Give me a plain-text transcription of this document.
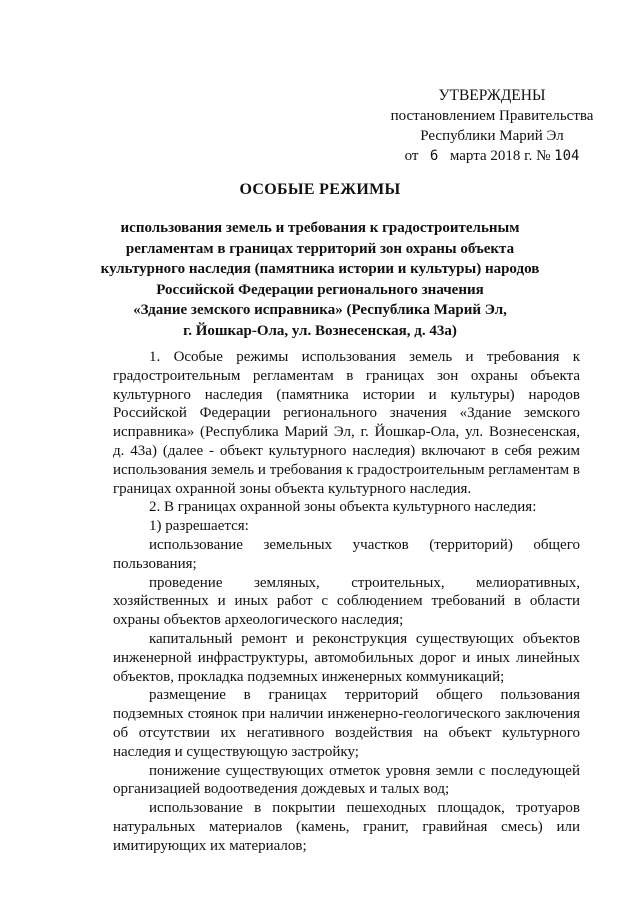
УТВЕРЖДЕНЫ
постановлением Правительства
Республики Марий Эл
от 6 марта 2018 г. № 104
ОСОБЫЕ РЕЖИМЫ
использования земель и требования к градостроительным
регламентам в границах территорий зон охраны объекта
культурного наследия (памятника истории и культуры) народов
Российской Федерации регионального значения
«Здание земского исправника» (Республика Марий Эл,
г. Йошкар-Ола, ул. Вознесенская, д. 43а)

1. Особые режимы использования земель и требования к градостроительным регламентам в границах зон охраны объекта культурного наследия (памятника истории и культуры) народов Российской Федерации регионального значения «Здание земского исправника» (Республика Марий Эл, г. Йошкар-Ола, ул. Вознесенская, д. 43а) (далее - объект культурного наследия) включают в себя режим использования земель и требования к градостроительным регламентам в границах охранной зоны объекта культурного наследия.

2. В границах охранной зоны объекта культурного наследия:

1) разрешается:

использование земельных участков (территорий) общего пользования;

проведение земляных, строительных, мелиоративных, хозяйственных и иных работ с соблюдением требований в области охраны объектов археологического наследия;

капитальный ремонт и реконструкция существующих объектов инженерной инфраструктуры, автомобильных дорог и иных линейных объектов, прокладка подземных инженерных коммуникаций;

размещение в границах территорий общего пользования подземных стоянок при наличии инженерно-геологического заключения об отсутствии их негативного воздействия на объект культурного наследия и существующую застройку;

понижение существующих отметок уровня земли с последующей организацией водоотведения дождевых и талых вод;

использование в покрытии пешеходных площадок, тротуаров натуральных материалов (камень, гранит, гравийная смесь) или имитирующих их материалов;
